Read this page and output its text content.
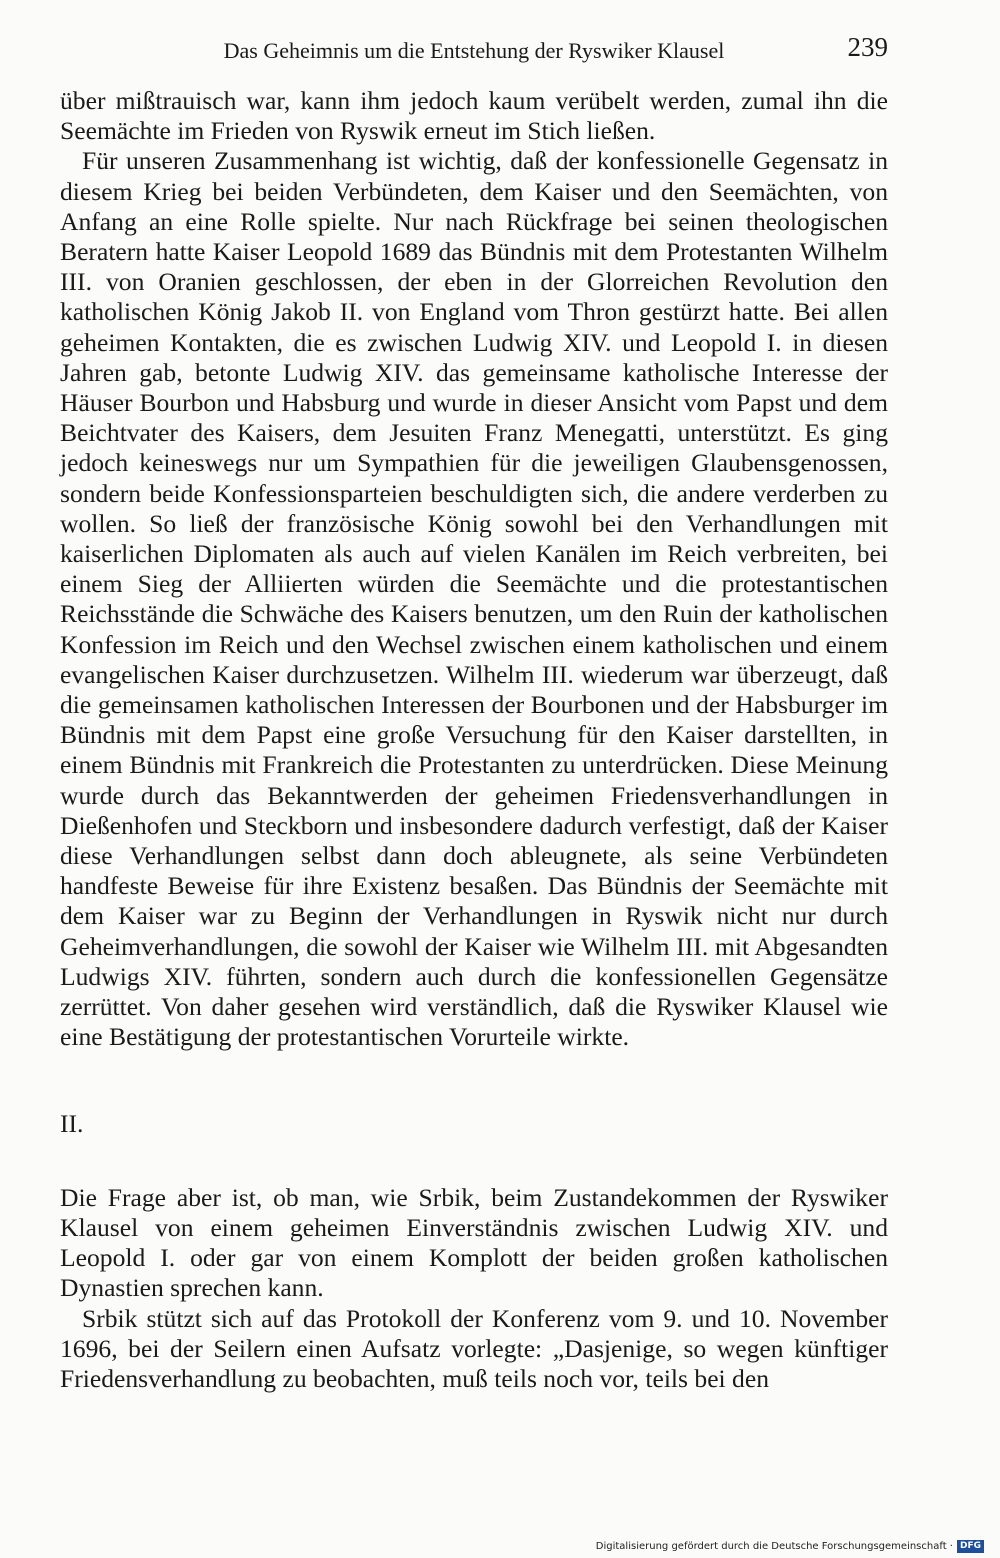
Das Geheimnis um die Entstehung der Ryswiker Klausel	239

über mißtrauisch war, kann ihm jedoch kaum verübelt werden, zumal ihn die Seemächte im Frieden von Ryswik erneut im Stich ließen.

Für unseren Zusammenhang ist wichtig, daß der konfessionelle Gegensatz in diesem Krieg bei beiden Verbündeten, dem Kaiser und den Seemächten, von Anfang an eine Rolle spielte. Nur nach Rückfrage bei seinen theologischen Beratern hatte Kaiser Leopold 1689 das Bündnis mit dem Protestanten Wilhelm III. von Oranien geschlossen, der eben in der Glorreichen Revolution den katholischen König Jakob II. von England vom Thron gestürzt hatte. Bei allen geheimen Kontakten, die es zwischen Ludwig XIV. und Leopold I. in diesen Jahren gab, betonte Ludwig XIV. das gemeinsame katholische Interesse der Häuser Bourbon und Habsburg und wurde in dieser Ansicht vom Papst und dem Beichtvater des Kaisers, dem Jesuiten Franz Menegatti, unterstützt. Es ging jedoch keineswegs nur um Sympathien für die jeweiligen Glaubensgenossen, sondern beide Konfessionsparteien beschuldigten sich, die andere verderben zu wollen. So ließ der französische König sowohl bei den Verhandlungen mit kaiserlichen Diplomaten als auch auf vielen Kanälen im Reich verbreiten, bei einem Sieg der Alliierten würden die Seemächte und die protestantischen Reichsstände die Schwäche des Kaisers benutzen, um den Ruin der katholischen Konfession im Reich und den Wechsel zwischen einem katholischen und einem evangelischen Kaiser durchzusetzen. Wilhelm III. wiederum war überzeugt, daß die gemeinsamen katholischen Interessen der Bourbonen und der Habsburger im Bündnis mit dem Papst eine große Versuchung für den Kaiser darstellten, in einem Bündnis mit Frankreich die Protestanten zu unterdrücken. Diese Meinung wurde durch das Bekanntwerden der geheimen Friedensverhandlungen in Dießenhofen und Steckborn und insbesondere dadurch verfestigt, daß der Kaiser diese Verhandlungen selbst dann doch ableugnete, als seine Verbündeten handfeste Beweise für ihre Existenz besaßen. Das Bündnis der Seemächte mit dem Kaiser war zu Beginn der Verhandlungen in Ryswik nicht nur durch Geheimverhandlungen, die sowohl der Kaiser wie Wilhelm III. mit Abgesandten Ludwigs XIV. führten, sondern auch durch die konfessionellen Gegensätze zerrüttet. Von daher gesehen wird verständlich, daß die Ryswiker Klausel wie eine Bestätigung der protestantischen Vorurteile wirkte.

II.

Die Frage aber ist, ob man, wie Srbik, beim Zustandekommen der Ryswiker Klausel von einem geheimen Einverständnis zwischen Ludwig XIV. und Leopold I. oder gar von einem Komplott der beiden großen katholischen Dynastien sprechen kann.

Srbik stützt sich auf das Protokoll der Konferenz vom 9. und 10. November 1696, bei der Seilern einen Aufsatz vorlegte: „Dasjenige, so wegen künftiger Friedensverhandlung zu beobachten, muß teils noch vor, teils bei den

Digitalisierung gefördert durch die Deutsche Forschungsgemeinschaft · DFG
